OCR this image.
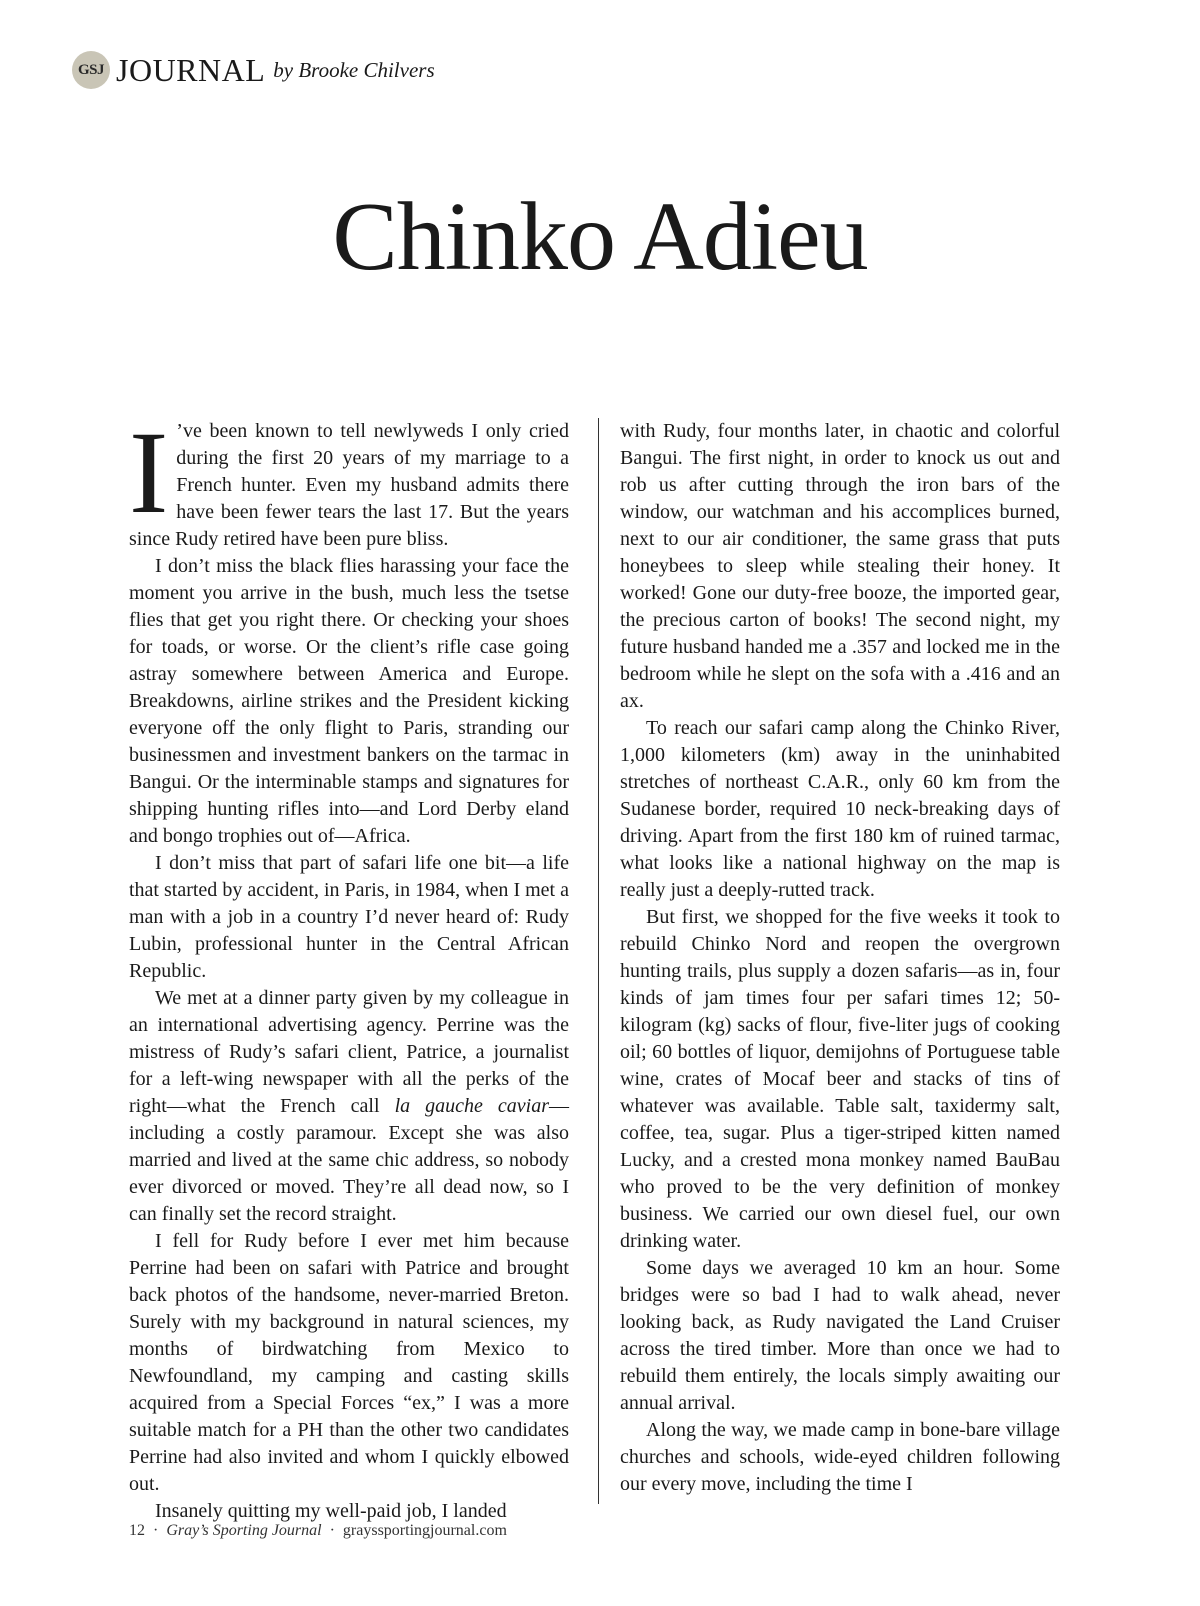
GSJ JOURNAL by Brooke Chilvers
Chinko Adieu

I ’ve been known to tell newlyweds I only cried during the first 20 years of my marriage to a French hunter. Even my husband admits there have been fewer tears the last 17. But the years since Rudy retired have been pure bliss.

I don’t miss the black flies harassing your face the moment you arrive in the bush, much less the tsetse flies that get you right there. Or checking your shoes for toads, or worse. Or the client’s rifle case going astray somewhere between America and Europe. Breakdowns, airline strikes and the President kicking everyone off the only flight to Paris, stranding our businessmen and investment bankers on the tarmac in Bangui. Or the interminable stamps and signatures for shipping hunting rifles into—and Lord Derby eland and bongo trophies out of—Africa.

I don’t miss that part of safari life one bit—a life that started by accident, in Paris, in 1984, when I met a man with a job in a country I’d never heard of: Rudy Lubin, professional hunter in the Central African Republic.

We met at a dinner party given by my colleague in an international advertising agency. Perrine was the mistress of Rudy’s safari client, Patrice, a journalist for a left-wing newspaper with all the perks of the right—what the French call la gauche caviar—including a costly paramour. Except she was also married and lived at the same chic address, so nobody ever divorced or moved. They’re all dead now, so I can finally set the record straight.

I fell for Rudy before I ever met him because Perrine had been on safari with Patrice and brought back photos of the handsome, never-married Breton. Surely with my background in natural sciences, my months of birdwatching from Mexico to Newfoundland, my camping and casting skills acquired from a Special Forces “ex,” I was a more suitable match for a PH than the other two candidates Perrine had also invited and whom I quickly elbowed out.

Insanely quitting my well-paid job, I landed

with Rudy, four months later, in chaotic and colorful Bangui. The first night, in order to knock us out and rob us after cutting through the iron bars of the window, our watchman and his accomplices burned, next to our air conditioner, the same grass that puts honeybees to sleep while stealing their honey. It worked! Gone our duty-free booze, the imported gear, the precious carton of books! The second night, my future husband handed me a .357 and locked me in the bedroom while he slept on the sofa with a .416 and an ax.

To reach our safari camp along the Chinko River, 1,000 kilometers (km) away in the uninhabited stretches of northeast C.A.R., only 60 km from the Sudanese border, required 10 neck-breaking days of driving. Apart from the first 180 km of ruined tarmac, what looks like a national highway on the map is really just a deeply-rutted track.

But first, we shopped for the five weeks it took to rebuild Chinko Nord and reopen the overgrown hunting trails, plus supply a dozen safaris—as in, four kinds of jam times four per safari times 12; 50-kilogram (kg) sacks of flour, five-liter jugs of cooking oil; 60 bottles of liquor, demijohns of Portuguese table wine, crates of Mocaf beer and stacks of tins of whatever was available. Table salt, taxidermy salt, coffee, tea, sugar. Plus a tiger-striped kitten named Lucky, and a crested mona monkey named BauBau who proved to be the very definition of monkey business. We carried our own diesel fuel, our own drinking water.

Some days we averaged 10 km an hour. Some bridges were so bad I had to walk ahead, never looking back, as Rudy navigated the Land Cruiser across the tired timber. More than once we had to rebuild them entirely, the locals simply awaiting our annual arrival.

Along the way, we made camp in bone-bare village churches and schools, wide-eyed children following our every move, including the time I

12 · Gray’s Sporting Journal · grayssportingjournal.com
